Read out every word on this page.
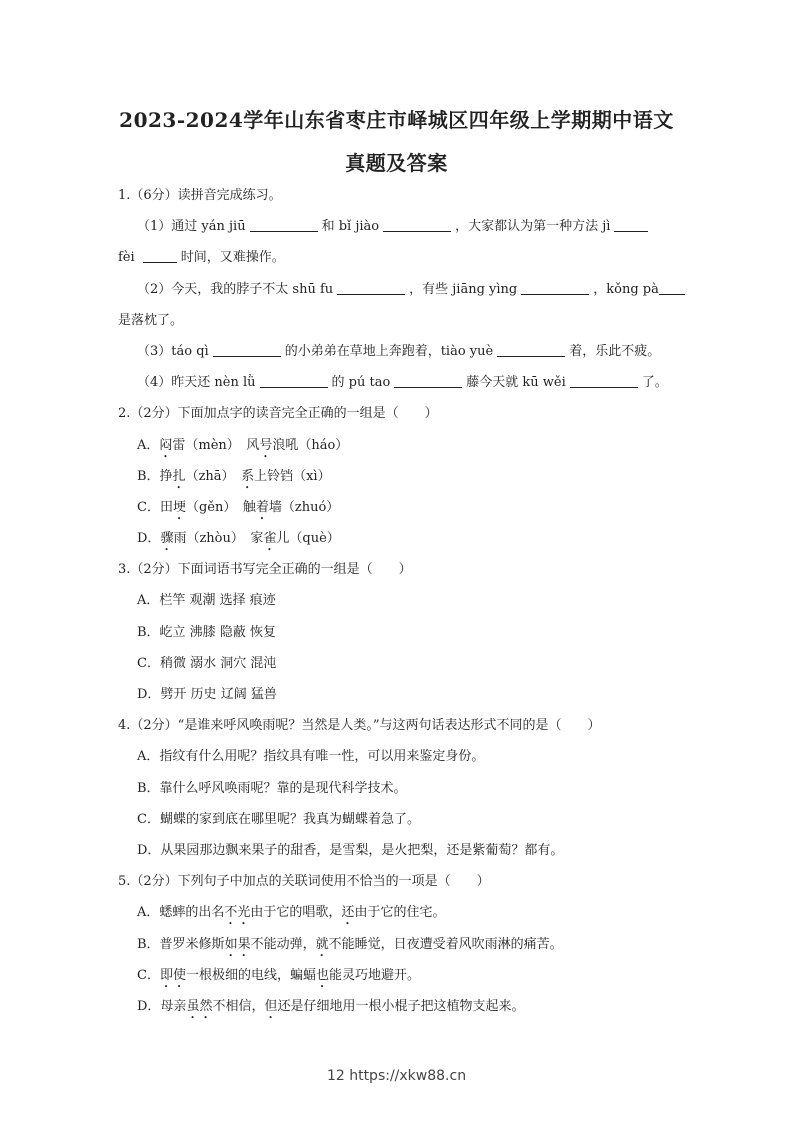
2023-2024学年山东省枣庄市峄城区四年级上学期期中语文
真题及答案
1.（6分）读拼音完成练习。
（1）通过 yán jiū	和 bǐ jiào	，大家都认为第一种方法 jì
fèi	时间，又难操作。
（2）今天，我的脖子不太 shū fu	，有些 jiāng yìng	，kǒng pà
是落枕了。
（3）táo qì	的小弟弟在草地上奔跑着，tiào yuè	着，乐此不疲。
（4）昨天还 nèn lǜ	的 pú tao	藤今天就 kū wěi	了。
2.（2分）下面加点字的读音完全正确的一组是（　　）
A．闷雷（mèn）　风号浪吼（háo）
B．挣扎（zhā）　系上铃铛（xì）
C．田埂（gěn）　触着墙（zhuó）
D．骤雨（zhòu）　家雀儿（què）
3.（2分）下面词语书写完全正确的一组是（　　）
A．栏竿 观潮 选择 痕迹
B．屹立 沸膝 隐蔽 恢复
C．稍微 溺水 洞穴 混沌
D．劈开 历史 辽阔 猛兽
4.（2分）“是谁来呼风唤雨呢？当然是人类。”与这两句话表达形式不同的是（　　）
A．指纹有什么用呢？指纹具有唯一性，可以用来鉴定身份。
B．靠什么呼风唤雨呢？靠的是现代科学技术。
C．蝴蝶的家到底在哪里呢？我真为蝴蝶着急了。
D．从果园那边飘来果子的甜香，是雪梨，是火把梨，还是紫葡萄？都有。
5.（2分）下列句子中加点的关联词使用不恰当的一项是（　　）
A．蟋蟀的出名不光由于它的唱歌，还由于它的住宅。
B．普罗米修斯如果不能动弹，就不能睡觉，日夜遭受着风吹雨淋的痛苦。
C．即使一根极细的电线，蝙蝠也能灵巧地避开。
D．母亲虽然不相信，但还是仔细地用一根小棍子把这植物支起来。
12 https://xkw88.cn
